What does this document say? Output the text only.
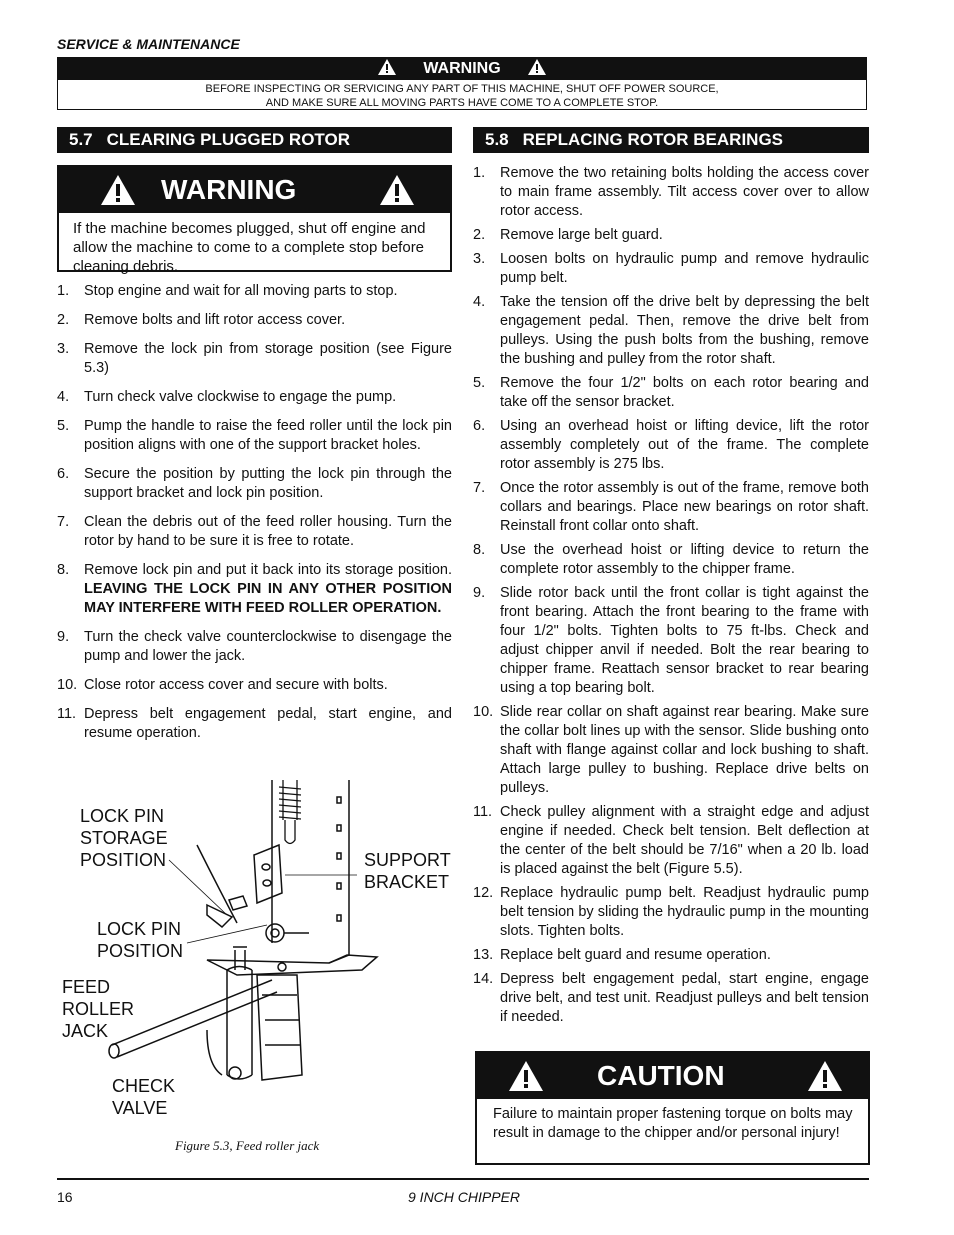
SERVICE & MAINTENANCE
WARNING
BEFORE INSPECTING OR SERVICING ANY PART OF THIS MACHINE, SHUT OFF POWER SOURCE,
AND MAKE SURE ALL MOVING PARTS HAVE COME TO A COMPLETE STOP.
5.7 CLEARING PLUGGED ROTOR	5.8 REPLACING ROTOR BEARINGS
WARNING
If the machine becomes plugged, shut off engine and allow the machine to come to a complete stop before cleaning debris.
1. Stop engine and wait for all moving parts to stop.
2. Remove bolts and lift rotor access cover.
3. Remove the lock pin from storage position (see Figure 5.3)
4. Turn check valve clockwise to engage the pump.
5. Pump the handle to raise the feed roller until the lock pin position aligns with one of the support bracket holes.
6. Secure the position by putting the lock pin through the support bracket and lock pin position.
7. Clean the debris out of the feed roller housing. Turn the rotor by hand to be sure it is free to rotate.
8. Remove lock pin and put it back into its storage position. LEAVING THE LOCK PIN IN ANY OTHER POSITION MAY INTERFERE WITH FEED ROLLER OPERATION.
9. Turn the check valve counterclockwise to disengage the pump and lower the jack.
10. Close rotor access cover and secure with bolts.
11. Depress belt engagement pedal, start engine, and resume operation.
LOCK PIN
STORAGE
POSITION	SUPPORT
BRACKET
LOCK PIN
POSITION
FEED
ROLLER
JACK
CHECK
VALVE
Figure 5.3, Feed roller jack
1. Remove the two retaining bolts holding the access cover to main frame assembly. Tilt access cover over to allow rotor access.
2. Remove large belt guard.
3. Loosen bolts on hydraulic pump and remove hydraulic pump belt.
4. Take the tension off the drive belt by depressing the belt engagement pedal. Then, remove the drive belt from pulleys. Using the push bolts from the bushing, remove the bushing and pulley from the rotor shaft.
5. Remove the four 1/2" bolts on each rotor bearing and take off the sensor bracket.
6. Using an overhead hoist or lifting device, lift the rotor assembly completely out of the frame. The complete rotor assembly is 275 lbs.
7. Once the rotor assembly is out of the frame, remove both collars and bearings. Place new bearings on rotor shaft. Reinstall front collar onto shaft.
8. Use the overhead hoist or lifting device to return the complete rotor assembly to the chipper frame.
9. Slide rotor back until the front collar is tight against the front bearing. Attach the front bearing to the frame with four 1/2" bolts. Tighten bolts to 75 ft-lbs. Check and adjust chipper anvil if needed. Bolt the rear bearing to chipper frame. Reattach sensor bracket to rear bearing using a top bearing bolt.
10. Slide rear collar on shaft against rear bearing. Make sure the collar bolt lines up with the sensor. Slide bushing onto shaft with flange against collar and lock bushing to shaft. Attach large pulley to bushing. Replace drive belts on pulleys.
11. Check pulley alignment with a straight edge and adjust engine if needed. Check belt tension. Belt deflection at the center of the belt should be 7/16" when a 20 lb. load is placed against the belt (Figure 5.5).
12. Replace hydraulic pump belt. Readjust hydraulic pump belt tension by sliding the hydraulic pump in the mounting slots. Tighten bolts.
13. Replace belt guard and resume operation.
14. Depress belt engagement pedal, start engine, engage drive belt, and test unit. Readjust pulleys and belt tension if needed.
CAUTION
Failure to maintain proper fastening torque on bolts may result in damage to the chipper and/or personal injury!
16	9 INCH CHIPPER
